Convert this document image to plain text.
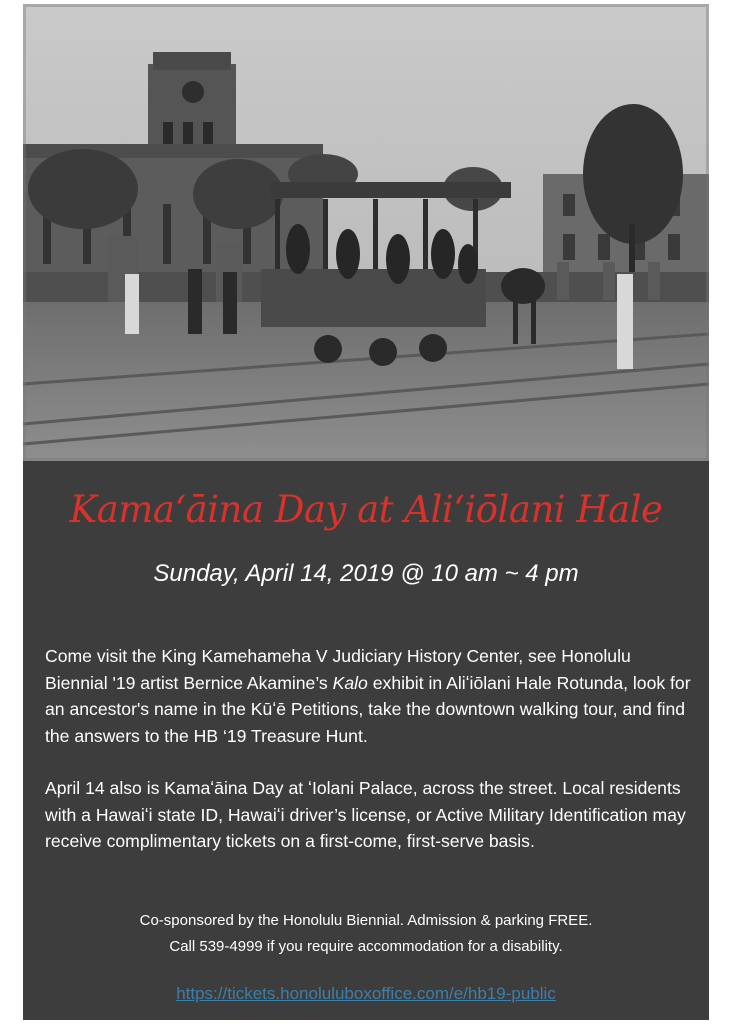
Kamaʻāina Day at Aliʻiōlani Hale
Sunday, April 14, 2019 @ 10 am ~ 4 pm
Come visit the King Kamehameha V Judiciary History Center, see Honolulu Biennial '19 artist Bernice Akamine’s Kalo exhibit in Aliʻiōlani Hale Rotunda, look for an ancestor's name in the Kūʻē Petitions, take the downtown walking tour, and find the answers to the HB ‘19 Treasure Hunt.
April 14 also is Kamaʻāina Day at ʻIolani Palace, across the street. Local residents with a Hawaiʻi state ID, Hawaiʻi driver’s license, or Active Military Identification may receive complimentary tickets on a first-come, first-serve basis.
Co-sponsored by the Honolulu Biennial. Admission & parking FREE.
Call 539-4999 if you require accommodation for a disability.
https://tickets.honoluluboxoffice.com/e/hb19-public
